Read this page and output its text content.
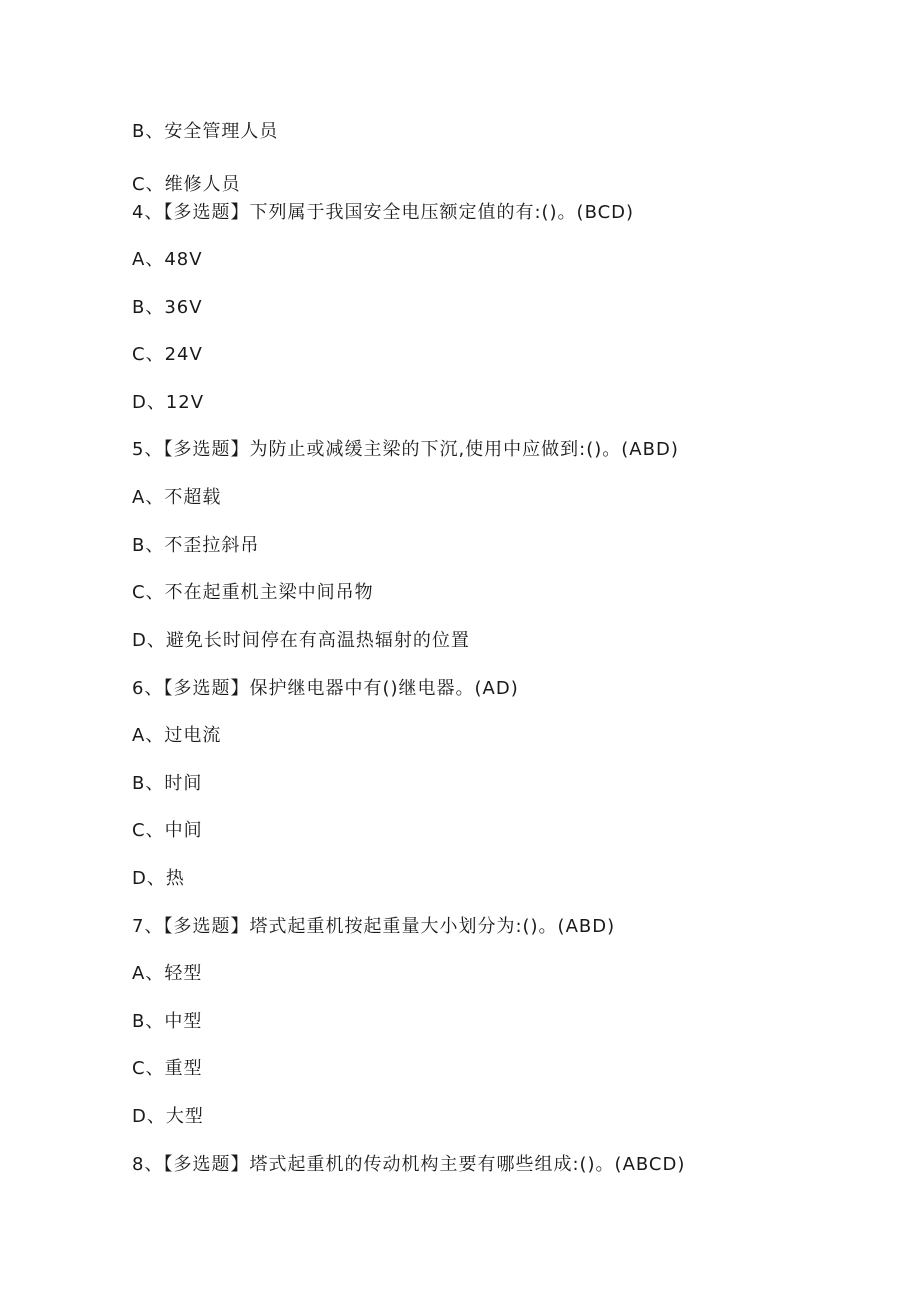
B、安全管理人员
C、维修人员
4、【多选题】下列属于我国安全电压额定值的有:()。(BCD)
A、48V
B、36V
C、24V
D、12V
5、【多选题】为防止或减缓主梁的下沉,使用中应做到:()。(ABD)
A、不超载
B、不歪拉斜吊
C、不在起重机主梁中间吊物
D、避免长时间停在有高温热辐射的位置
6、【多选题】保护继电器中有()继电器。(AD)
A、过电流
B、时间
C、中间
D、热
7、【多选题】塔式起重机按起重量大小划分为:()。(ABD)
A、轻型
B、中型
C、重型
D、大型
8、【多选题】塔式起重机的传动机构主要有哪些组成:()。(ABCD)
